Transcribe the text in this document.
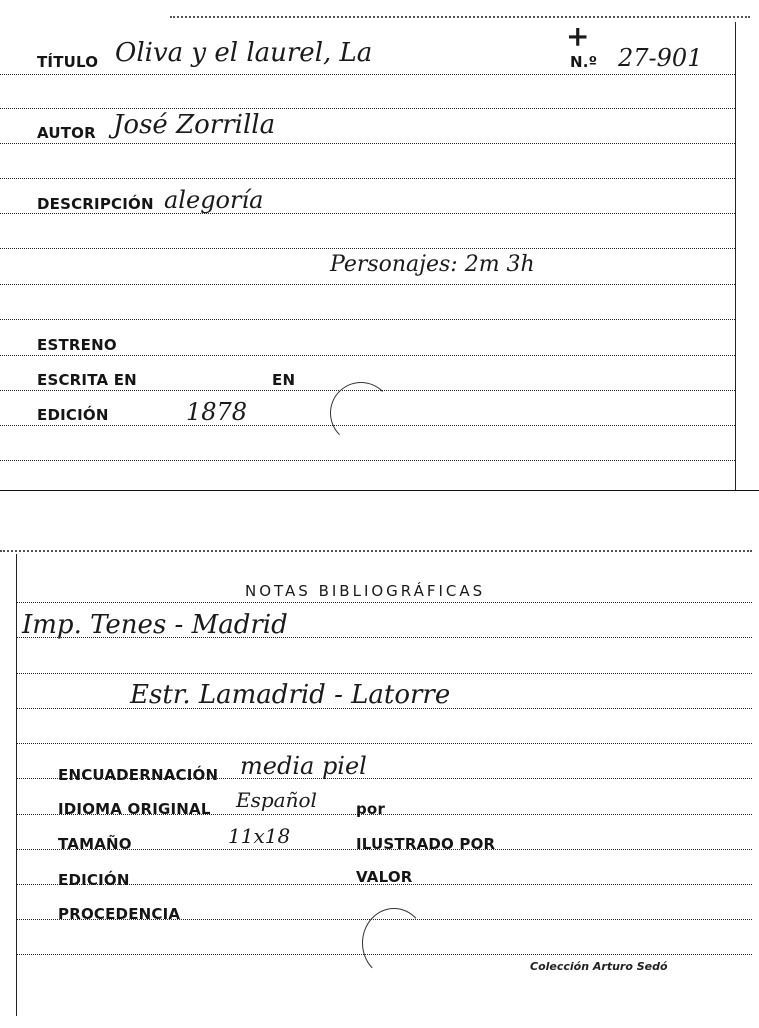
TÍTULO Oliva y el laurel, La	+
N.º 27-901
AUTOR José Zorrilla
DESCRIPCIÓN alegoría
Personajes: 2m 3h
ESTRENO
ESCRITA EN	EN
EDICIÓN	1878
NOTAS BIBLIOGRÁFICAS
Imp. Tenes - Madrid
Estr. Lamadrid - Latorre
ENCUADERNACIÓN media piel
IDIOMA ORIGINAL Español	por
TAMAÑO	11x18	ILUSTRADO POR
EDICIÓN	VALOR
PROCEDENCIA
Colección Arturo Sedó
